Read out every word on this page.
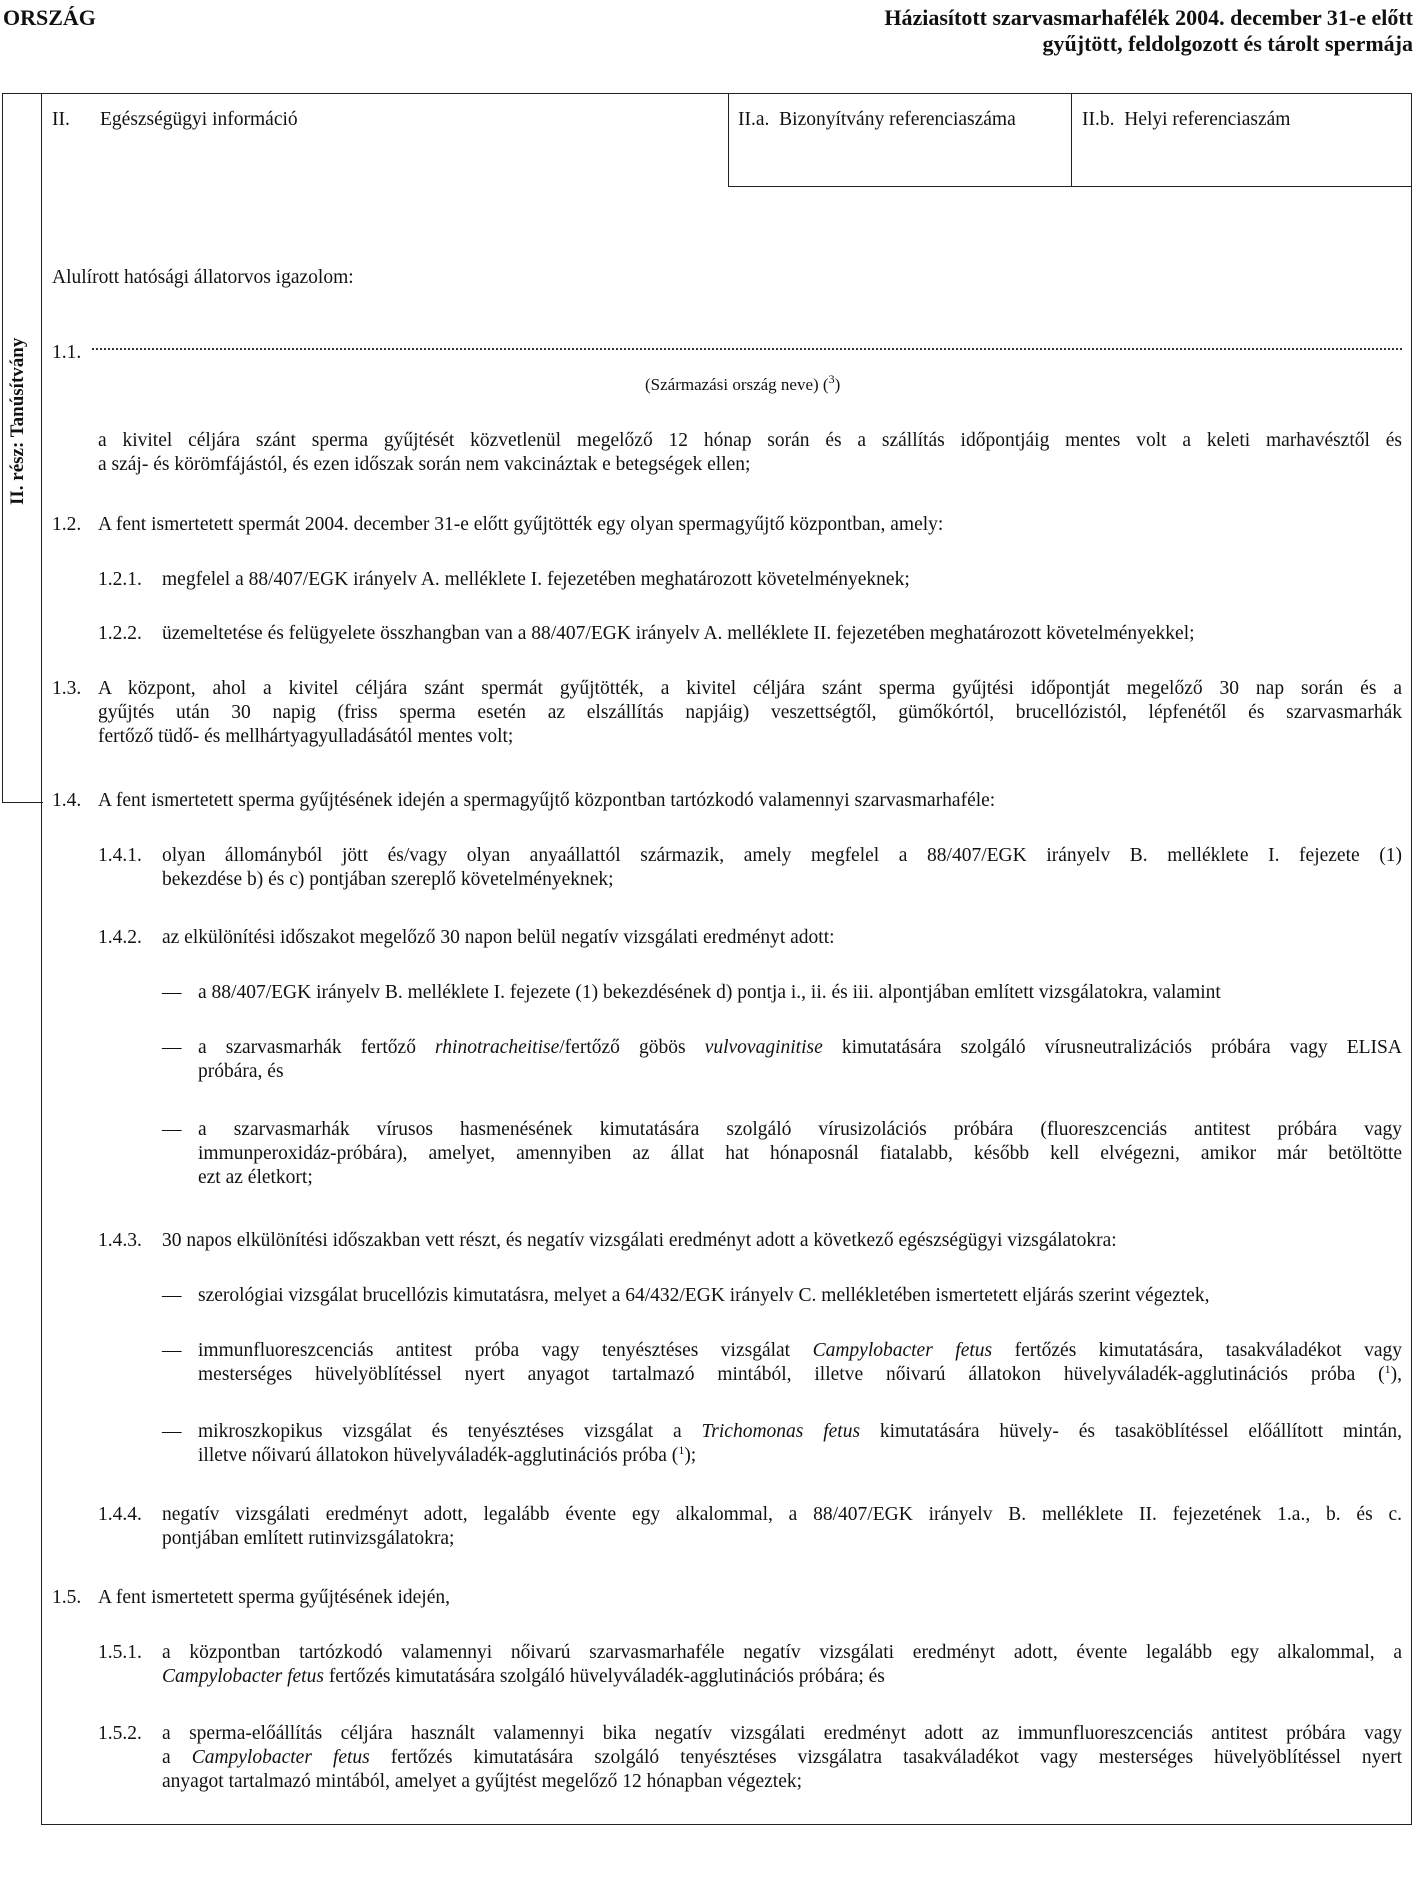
ORSZÁG	Háziasított szarvasmarhafélék 2004. december 31-e előtt
gyűjtött, feldolgozott és tárolt spermája
II. rész: Tanúsítvány
II. Egészségügyi információ	II.a.  Bizonyítvány referenciaszáma	II.b.  Helyi referenciaszám
Alulírott hatósági állatorvos igazolom:
1.1.
(Származási ország neve) ($^3$)
a kivitel céljára szánt sperma gyűjtését közvetlenül megelőző 12 hónap során és a szállítás időpontjáig mentes volt a keleti marhavésztől és
a száj- és körömfájástól, és ezen időszak során nem vakcináztak e betegségek ellen;
1.2. A fent ismertetett spermát 2004. december 31-e előtt gyűjtötték egy olyan spermagyűjtő központban, amely:
1.2.1. megfelel a 88/407/EGK irányelv A. melléklete I. fejezetében meghatározott követelményeknek;
1.2.2. üzemeltetése és felügyelete összhangban van a 88/407/EGK irányelv A. melléklete II. fejezetében meghatározott követelményekkel;
1.3. A központ, ahol a kivitel céljára szánt spermát gyűjtötték, a kivitel céljára szánt sperma gyűjtési időpontját megelőző 30 nap során és a
gyűjtés után 30 napig (friss sperma esetén az elszállítás napjáig) veszettségtől, gümőkórtól, brucellózistól, lépfenétől és szarvasmarhák
fertőző tüdő- és mellhártyagyulladásától mentes volt;
1.4. A fent ismertetett sperma gyűjtésének idején a spermagyűjtő központban tartózkodó valamennyi szarvasmarhaféle:
1.4.1. olyan állományból jött és/vagy olyan anyaállattól származik, amely megfelel a 88/407/EGK irányelv B. melléklete I. fejezete (1)
bekezdése b) és c) pontjában szereplő követelményeknek;
1.4.2. az elkülönítési időszakot megelőző 30 napon belül negatív vizsgálati eredményt adott:
— a 88/407/EGK irányelv B. melléklete I. fejezete (1) bekezdésének d) pontja i., ii. és iii. alpontjában említett vizsgálatokra, valamint
— a szarvasmarhák fertőző rhinotracheitise/fertőző göbös vulvovaginitise kimutatására szolgáló vírusneutralizációs próbára vagy ELISA
próbára, és
— a szarvasmarhák vírusos hasmenésének kimutatására szolgáló vírusizolációs próbára (fluoreszcenciás antitest próbára vagy
immunperoxidáz-próbára), amelyet, amennyiben az állat hat hónaposnál fiatalabb, később kell elvégezni, amikor már betöltötte
ezt az életkort;
1.4.3. 30 napos elkülönítési időszakban vett részt, és negatív vizsgálati eredményt adott a következő egészségügyi vizsgálatokra:
— szerológiai vizsgálat brucellózis kimutatásra, melyet a 64/432/EGK irányelv C. mellékletében ismertetett eljárás szerint végeztek,
— immunfluoreszcenciás antitest próba vagy tenyésztéses vizsgálat Campylobacter fetus fertőzés kimutatására, tasakváladékot vagy
mesterséges hüvelyöblítéssel nyert anyagot tartalmazó mintából, illetve nőivarú állatokon hüvelyváladék-agglutinációs próba ($^1$),
— mikroszkopikus vizsgálat és tenyésztéses vizsgálat a Trichomonas fetus kimutatására hüvely- és tasaköblítéssel előállított mintán,
illetve nőivarú állatokon hüvelyváladék-agglutinációs próba ($^1$);
1.4.4. negatív vizsgálati eredményt adott, legalább évente egy alkalommal, a 88/407/EGK irányelv B. melléklete II. fejezetének 1.a., b. és c.
pontjában említett rutinvizsgálatokra;
1.5. A fent ismertetett sperma gyűjtésének idején,
1.5.1. a központban tartózkodó valamennyi nőivarú szarvasmarhaféle negatív vizsgálati eredményt adott, évente legalább egy alkalommal, a
Campylobacter fetus fertőzés kimutatására szolgáló hüvelyváladék-agglutinációs próbára; és
1.5.2. a sperma-előállítás céljára használt valamennyi bika negatív vizsgálati eredményt adott az immunfluoreszcenciás antitest próbára vagy
a Campylobacter fetus fertőzés kimutatására szolgáló tenyésztéses vizsgálatra tasakváladékot vagy mesterséges hüvelyöblítéssel nyert
anyagot tartalmazó mintából, amelyet a gyűjtést megelőző 12 hónapban végeztek;
